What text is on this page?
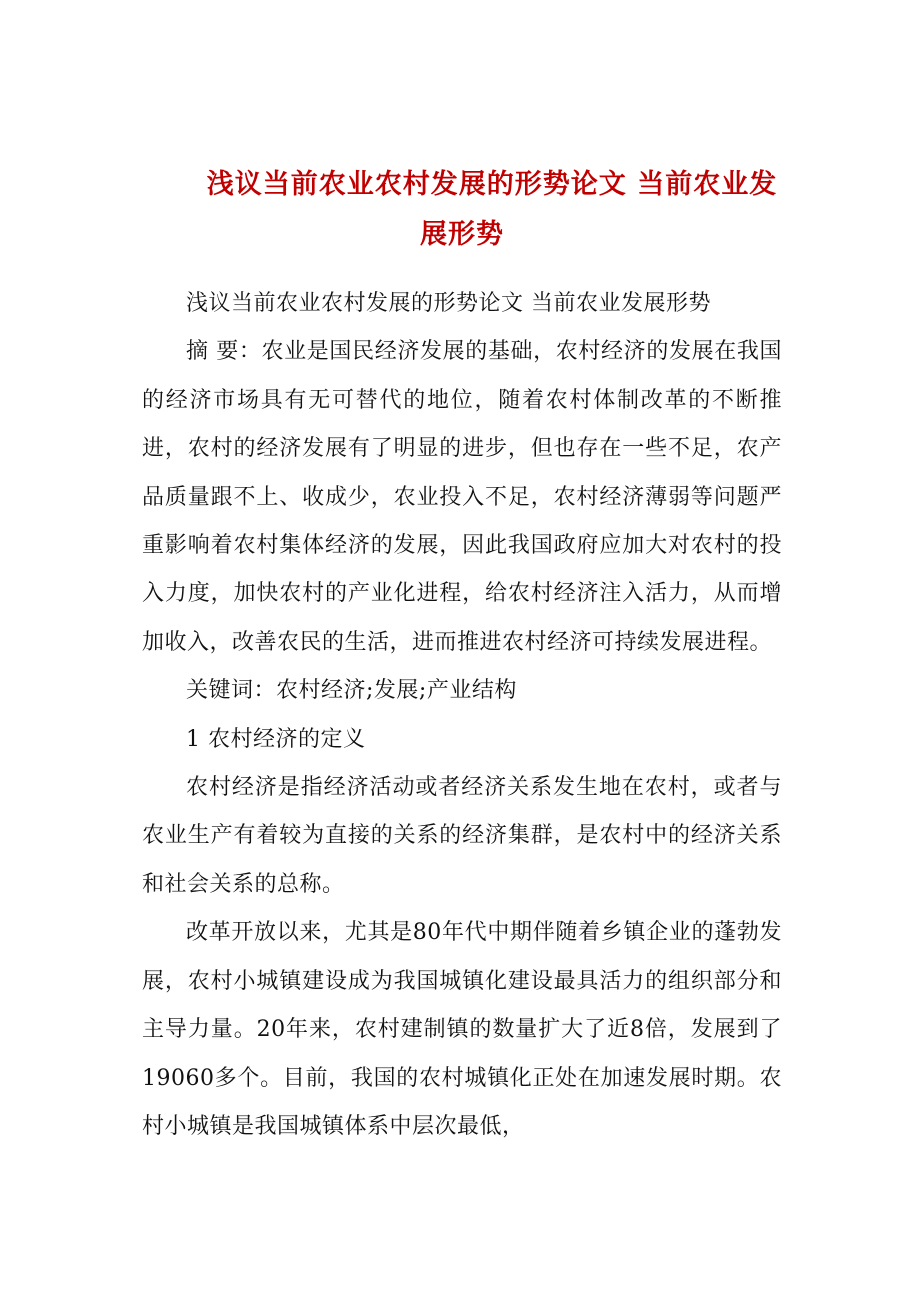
浅议当前农业农村发展的形势论文 当前农业发
展形势

浅议当前农业农村发展的形势论文 当前农业发展形势

摘 要：农业是国民经济发展的基础，农村经济的发展在我国的经济市场具有无可替代的地位，随着农村体制改革的不断推进，农村的经济发展有了明显的进步，但也存在一些不足，农产品质量跟不上、收成少，农业投入不足，农村经济薄弱等问题严重影响着农村集体经济的发展，因此我国政府应加大对农村的投入力度，加快农村的产业化进程，给农村经济注入活力，从而增加收入，改善农民的生活，进而推进农村经济可持续发展进程。

关键词：农村经济;发展;产业结构

1 农村经济的定义

农村经济是指经济活动或者经济关系发生地在农村，或者与农业生产有着较为直接的关系的经济集群，是农村中的经济关系和社会关系的总称。

改革开放以来，尤其是80年代中期伴随着乡镇企业的蓬勃发展，农村小城镇建设成为我国城镇化建设最具活力的组织部分和主导力量。20年来，农村建制镇的数量扩大了近8倍，发展到了19060多个。目前，我国的农村城镇化正处在加速发展时期。农村小城镇是我国城镇体系中层次最低，
